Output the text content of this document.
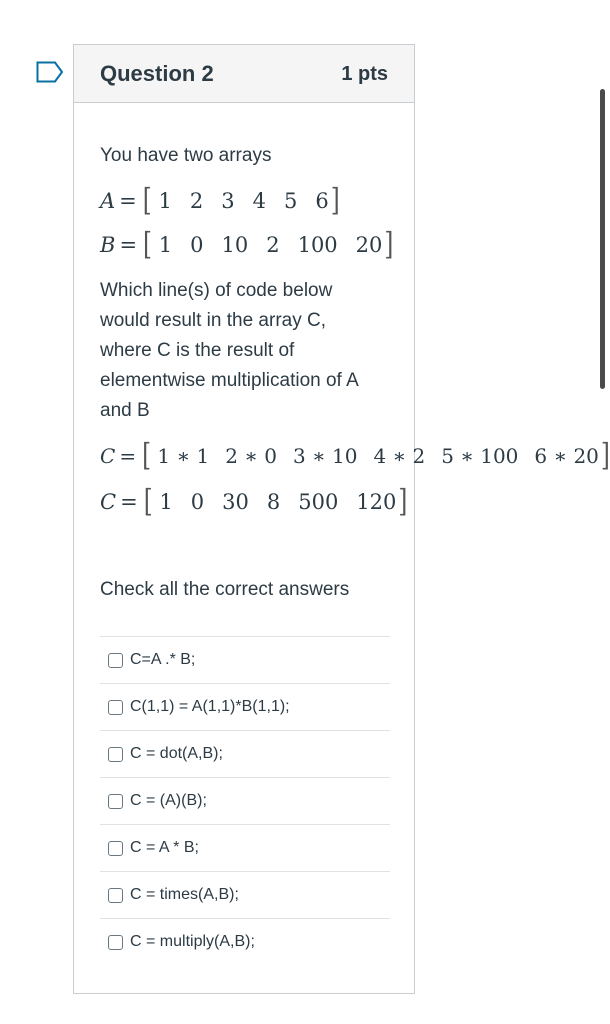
Question 2	1 pts
You have two arrays
A = [ 1 2 3 4 5 6]
B = [ 1 0 10 2 100 20]
Which line(s) of code below
would result in the array C,
where C is the result of
elementwise multiplication of A
and B
C = [ 1 ∗ 1 2 ∗ 0 3 ∗ 10 4 ∗ 2 5 ∗ 100 6 ∗ 20]
C = [ 1 0 30 8 500 120]
Check all the correct answers
C=A .* B;
C(1,1) = A(1,1)*B(1,1);
C = dot(A,B);
C = (A)(B);
C = A * B;
C = times(A,B);
C = multiply(A,B);
